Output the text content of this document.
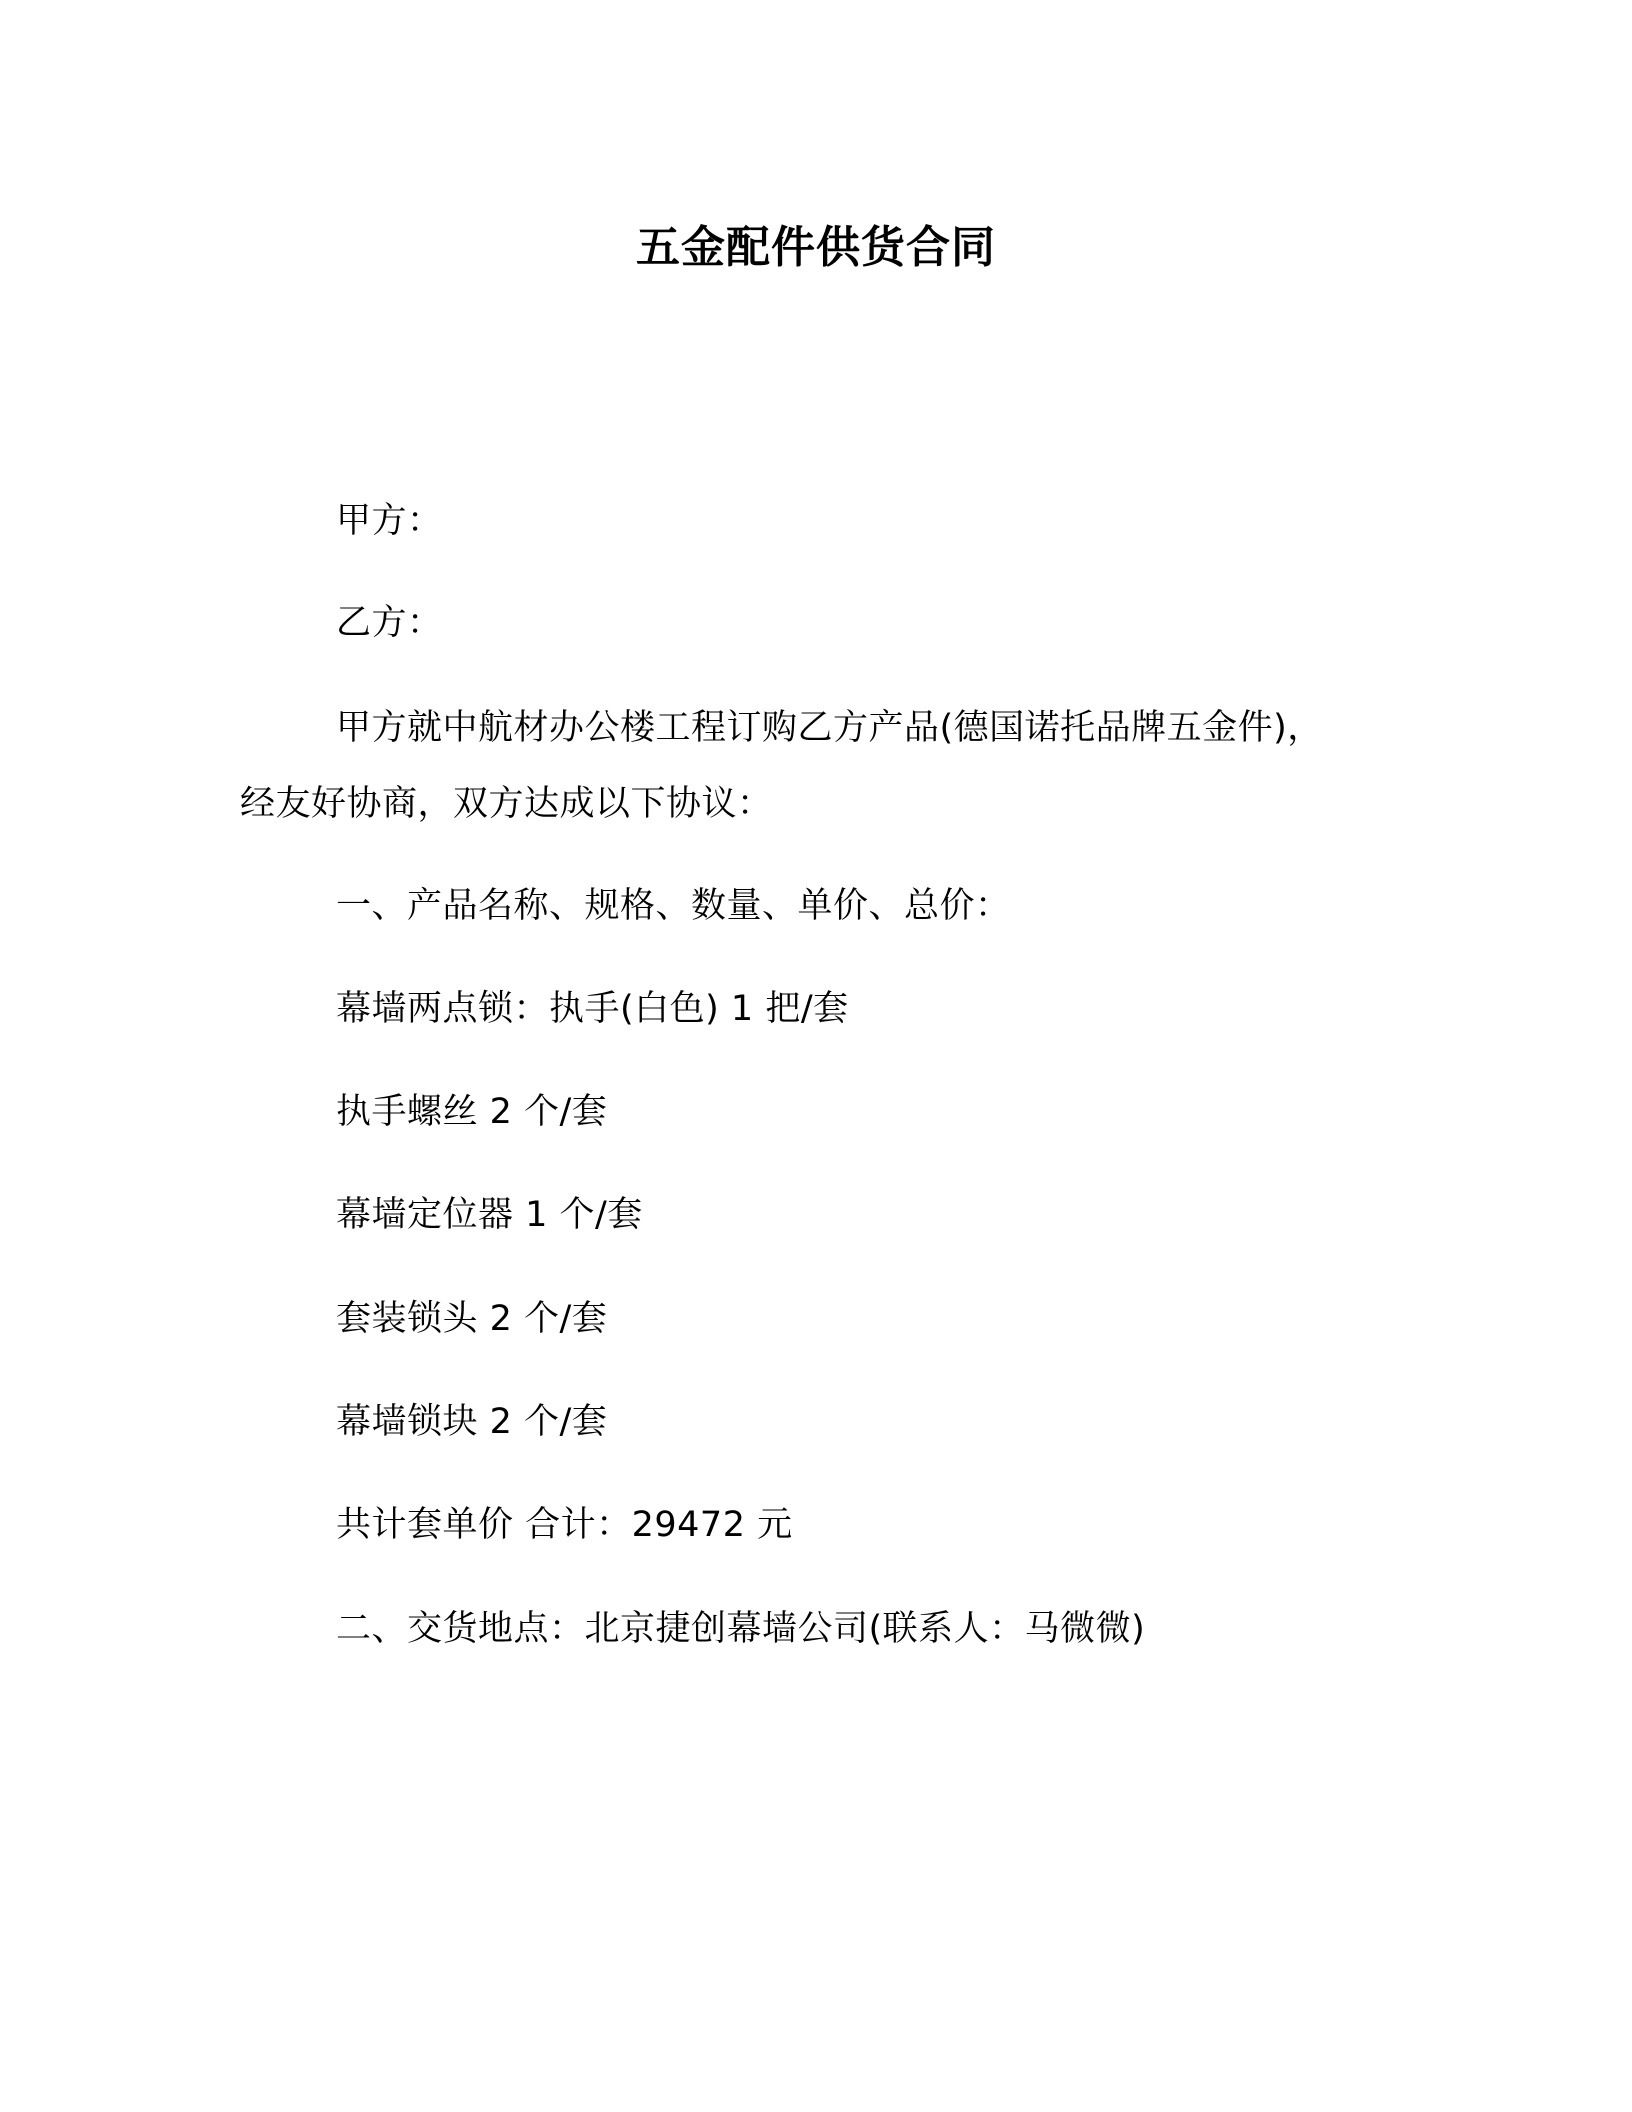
五金配件供货合同
甲方：
乙方：
甲方就中航材办公楼工程订购乙方产品(德国诺托品牌五金件)，
经友好协商，双方达成以下协议：
一、产品名称、规格、数量、单价、总价：
幕墙两点锁：执手(白色) 1 把/套
执手螺丝 2 个/套
幕墙定位器 1 个/套
套装锁头 2 个/套
幕墙锁块 2 个/套
共计套单价 合计：29472 元
二、交货地点：北京捷创幕墙公司(联系人：马微微)
